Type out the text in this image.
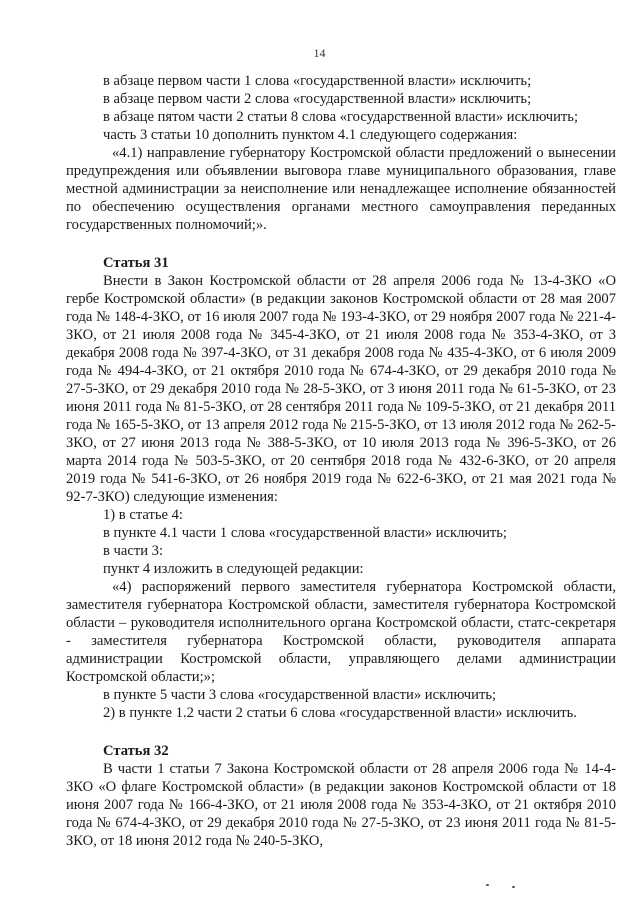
14

в абзаце первом части 1 слова «государственной власти» исключить;

в абзаце первом части 2 слова «государственной власти» исключить;

в абзаце пятом части 2 статьи 8 слова «государственной власти» исключить;

часть 3 статьи 10 дополнить пунктом 4.1 следующего содержания:

«4.1) направление губернатору Костромской области предложений о вынесении предупреждения или объявлении выговора главе муниципального образования, главе местной администрации за неисполнение или ненадлежащее исполнение обязанностей по обеспечению осуществления органами местного самоуправления переданных государственных полномочий;».

Статья 31

Внести в Закон Костромской области от 28 апреля 2006 года № 13-4-ЗКО «О гербе Костромской области» (в редакции законов Костромской области от 28 мая 2007 года № 148-4-ЗКО, от 16 июля 2007 года № 193-4-ЗКО, от 29 ноября 2007 года № 221-4-ЗКО, от 21 июля 2008 года № 345-4-ЗКО, от 21 июля 2008 года № 353-4-ЗКО, от 3 декабря 2008 года № 397-4-ЗКО, от 31 декабря 2008 года № 435-4-ЗКО, от 6 июля 2009 года № 494-4-ЗКО, от 21 октября 2010 года № 674-4-ЗКО, от 29 декабря 2010 года № 27-5-ЗКО, от 29 декабря 2010 года № 28-5-ЗКО, от 3 июня 2011 года № 61-5-ЗКО, от 23 июня 2011 года № 81-5-ЗКО, от 28 сентября 2011 года № 109-5-ЗКО, от 21 декабря 2011 года № 165-5-ЗКО, от 13 апреля 2012 года № 215-5-ЗКО, от 13 июля 2012 года № 262-5-ЗКО, от 27 июня 2013 года № 388-5-ЗКО, от 10 июля 2013 года № 396-5-ЗКО, от 26 марта 2014 года № 503-5-ЗКО, от 20 сентября 2018 года № 432-6-ЗКО, от 20 апреля 2019 года № 541-6-ЗКО, от 26 ноября 2019 года № 622-6-ЗКО, от 21 мая 2021 года № 92-7-ЗКО) следующие изменения:

1) в статье 4:

в пункте 4.1 части 1 слова «государственной власти» исключить;

в части 3:

пункт 4 изложить в следующей редакции:

«4) распоряжений первого заместителя губернатора Костромской области, заместителя губернатора Костромской области, заместителя губернатора Костромской области – руководителя исполнительного органа Костромской области, статс-секретаря - заместителя губернатора Костромской области, руководителя аппарата администрации Костромской области, управляющего делами администрации Костромской области;»;

в пункте 5 части 3 слова «государственной власти» исключить;

2) в пункте 1.2 части 2 статьи 6 слова «государственной власти» исключить.

Статья 32

В части 1 статьи 7 Закона Костромской области от 28 апреля 2006 года № 14-4-ЗКО «О флаге Костромской области» (в редакции законов Костромской области от 18 июня 2007 года № 166-4-ЗКО, от 21 июля 2008 года № 353-4-ЗКО, от 21 октября 2010 года № 674-4-ЗКО, от 29 декабря 2010 года № 27-5-ЗКО, от 23 июня 2011 года № 81-5-ЗКО, от 18 июня 2012 года № 240-5-ЗКО,
